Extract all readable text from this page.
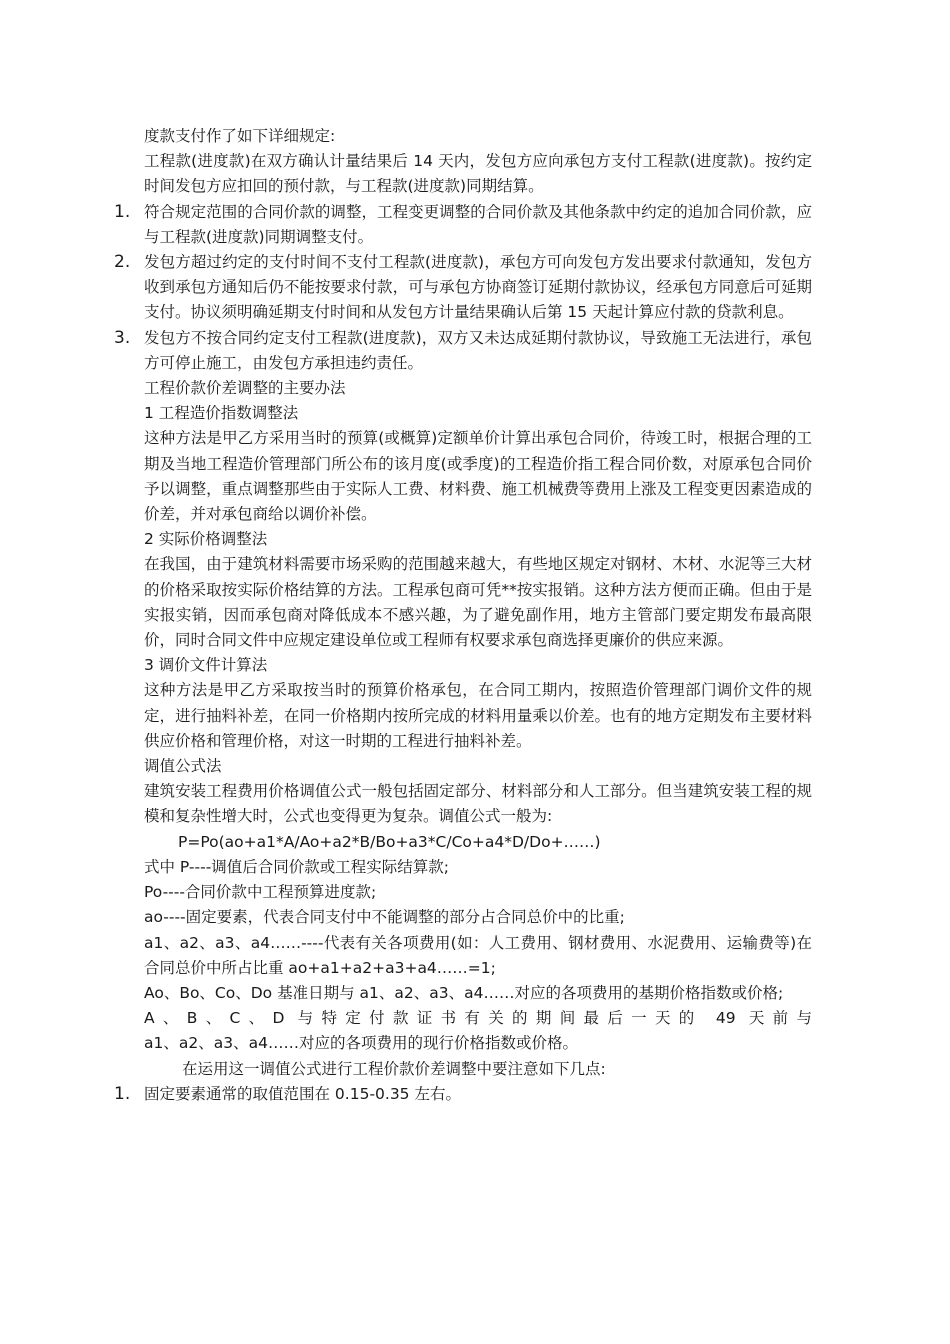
度款支付作了如下详细规定:
工程款(进度款)在双方确认计量结果后 14 天内，发包方应向承包方支付工程款(进度款)。按约定时间发包方应扣回的预付款，与工程款(进度款)同期结算。
1. 符合规定范围的合同价款的调整，工程变更调整的合同价款及其他条款中约定的追加合同价款，应与工程款(进度款)同期调整支付。
2. 发包方超过约定的支付时间不支付工程款(进度款)，承包方可向发包方发出要求付款通知，发包方收到承包方通知后仍不能按要求付款，可与承包方协商签订延期付款协议，经承包方同意后可延期支付。协议须明确延期支付时间和从发包方计量结果确认后第 15 天起计算应付款的贷款利息。
3. 发包方不按合同约定支付工程款(进度款)，双方又未达成延期付款协议，导致施工无法进行，承包方可停止施工，由发包方承担违约责任。
工程价款价差调整的主要办法
1 工程造价指数调整法
这种方法是甲乙方采用当时的预算(或概算)定额单价计算出承包合同价，待竣工时，根据合理的工期及当地工程造价管理部门所公布的该月度(或季度)的工程造价指工程合同价数，对原承包合同价予以调整，重点调整那些由于实际人工费、材料费、施工机械费等费用上涨及工程变更因素造成的价差，并对承包商给以调价补偿。
2 实际价格调整法
在我国，由于建筑材料需要市场采购的范围越来越大，有些地区规定对钢材、木材、水泥等三大材的价格采取按实际价格结算的方法。工程承包商可凭**按实报销。这种方法方便而正确。但由于是实报实销，因而承包商对降低成本不感兴趣，为了避免副作用，地方主管部门要定期发布最高限价，同时合同文件中应规定建设单位或工程师有权要求承包商选择更廉价的供应来源。
3 调价文件计算法
这种方法是甲乙方采取按当时的预算价格承包，在合同工期内，按照造价管理部门调价文件的规定，进行抽料补差，在同一价格期内按所完成的材料用量乘以价差。也有的地方定期发布主要材料供应价格和管理价格，对这一时期的工程进行抽料补差。
调值公式法
建筑安装工程费用价格调值公式一般包括固定部分、材料部分和人工部分。但当建筑安装工程的规模和复杂性增大时，公式也变得更为复杂。调值公式一般为:
P=Po(ao+a1*A/Ao+a2*B/Bo+a3*C/Co+a4*D/Do+……)
式中 P----调值后合同价款或工程实际结算款;
Po----合同价款中工程预算进度款;
ao----固定要素，代表合同支付中不能调整的部分占合同总价中的比重;
a1、a2、a3、a4……----代表有关各项费用(如：人工费用、钢材费用、水泥费用、运输费等)在合同总价中所占比重 ao+a1+a2+a3+a4……=1;
Ao、Bo、Co、Do 基准日期与 a1、a2、a3、a4……对应的各项费用的基期价格指数或价格;
A、B、C、D 与特定付款证书有关的期间最后一天的 49 天前与
a1、a2、a3、a4……对应的各项费用的现行价格指数或价格。
在运用这一调值公式进行工程价款价差调整中要注意如下几点:
1. 固定要素通常的取值范围在 0.15-0.35 左右。
